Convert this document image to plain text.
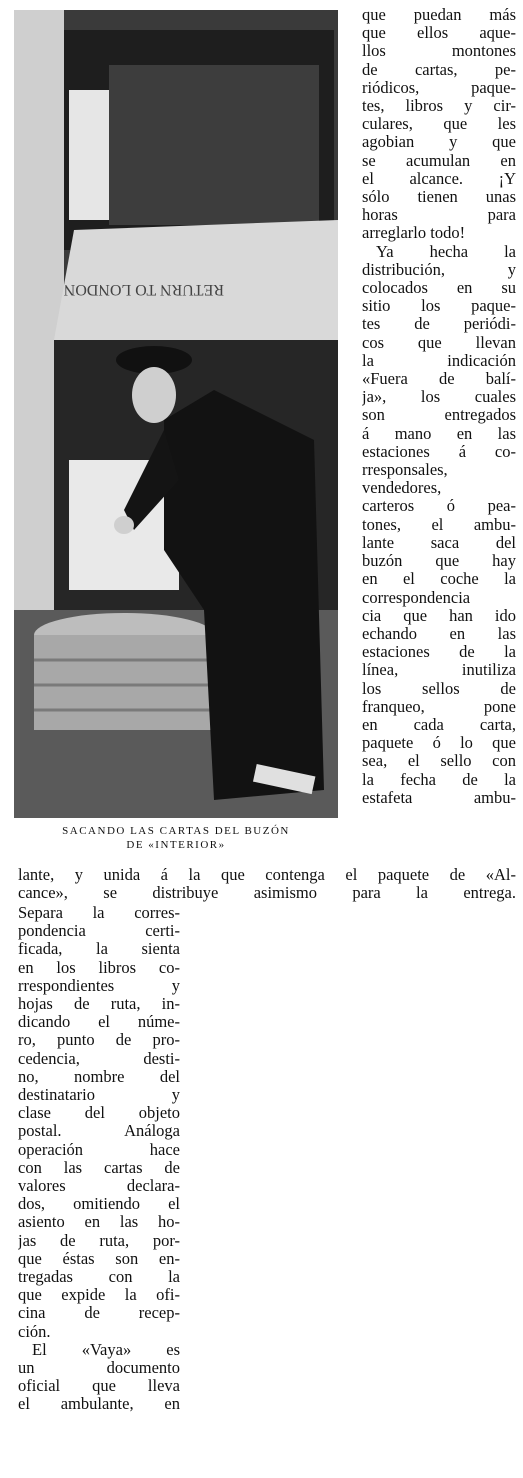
RETURN TO LONDON
SACANDO LAS CARTAS DEL BUZÓN
DE «INTERIOR»
que puedan más
que ellos aque-
llos montones
de cartas, pe-
riódicos, paque-
tes, libros y cir-
culares, que les
agobian y que
se acumulan en
el alcance. ¡Y
sólo tienen unas
horas para
arreglarlo todo!
Ya hecha la
distribución, y
colocados en su
sitio los paque-
tes de periódi-
cos que llevan
la indicación
«Fuera de balí-
ja», los cuales
son entregados
á mano en las
estaciones á co-
rresponsales,
vendedores,
carteros ó pea-
tones, el ambu-
lante saca del
buzón que hay
en el coche la
correspondencia
cia que han ido
echando en las
estaciones de la
línea, inutiliza
los sellos de
franqueo, pone
en cada carta,
paquete ó lo que
sea, el sello con
la fecha de la
estafeta ambu-
lante, y unida á la que contenga el paquete de «Al-
cance», se distribuye asimismo para la entrega.
Separa la corres-
pondencia certi-
ficada, la sienta
en los libros co-
rrespondientes y
hojas de ruta, in-
dicando el núme-
ro, punto de pro-
cedencia, desti-
no, nombre del
destinatario y
clase del objeto
postal. Análoga
operación hace
con las cartas de
valores declara-
dos, omitiendo el
asiento en las ho-
jas de ruta, por-
que éstas son en-
tregadas con la
que expide la ofi-
cina de recep-
ción.
El «Vaya» es
un documento
oficial que lleva
el ambulante, en
